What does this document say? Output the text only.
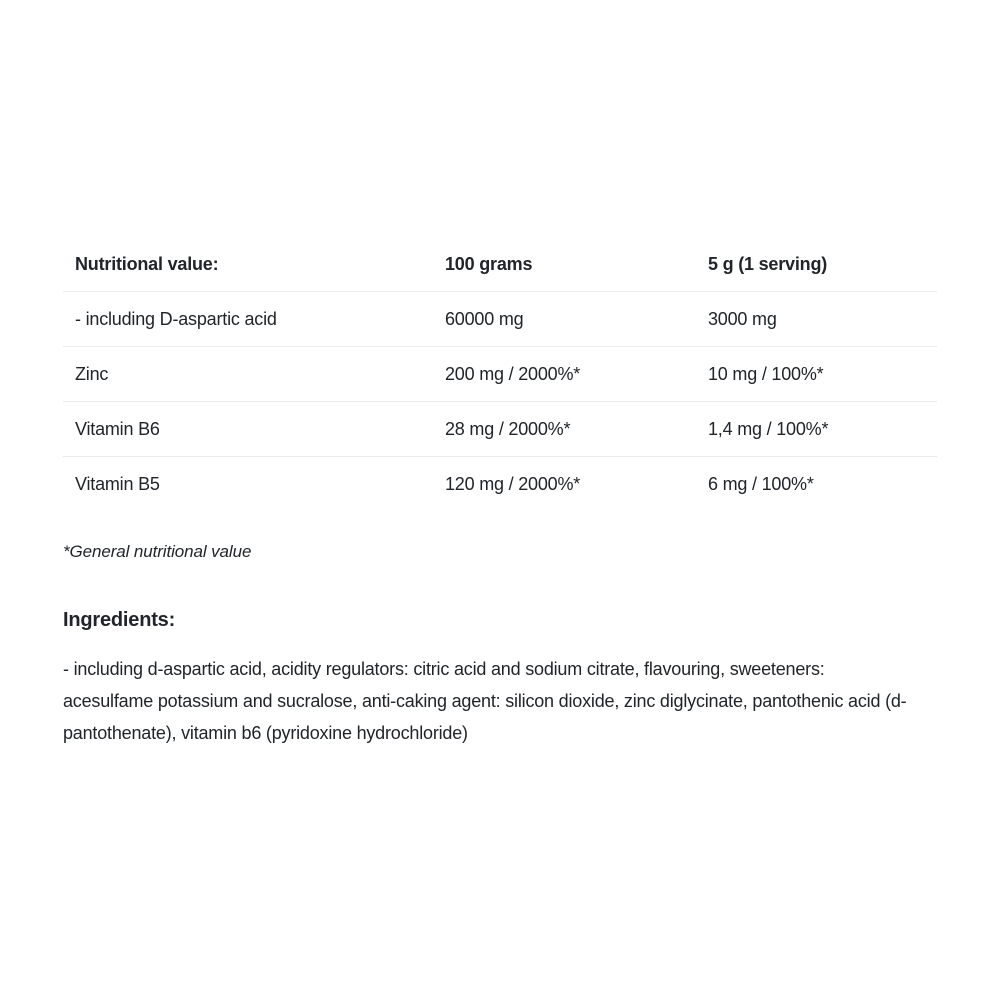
Nutritional value:	100 grams	5 g (1 serving)
- including D-aspartic acid	60000 mg	3000 mg
Zinc	200 mg / 2000%*	10 mg / 100%*
Vitamin B6	28 mg / 2000%*	1,4 mg / 100%*
Vitamin B5	120 mg / 2000%*	6 mg / 100%*
*General nutritional value
Ingredients:
- including d-aspartic acid, acidity regulators: citric acid and sodium citrate, flavouring, sweeteners: acesulfame potassium and sucralose, anti-caking agent: silicon dioxide, zinc diglycinate, pantothenic acid (d-pantothenate), vitamin b6 (pyridoxine hydrochloride)
